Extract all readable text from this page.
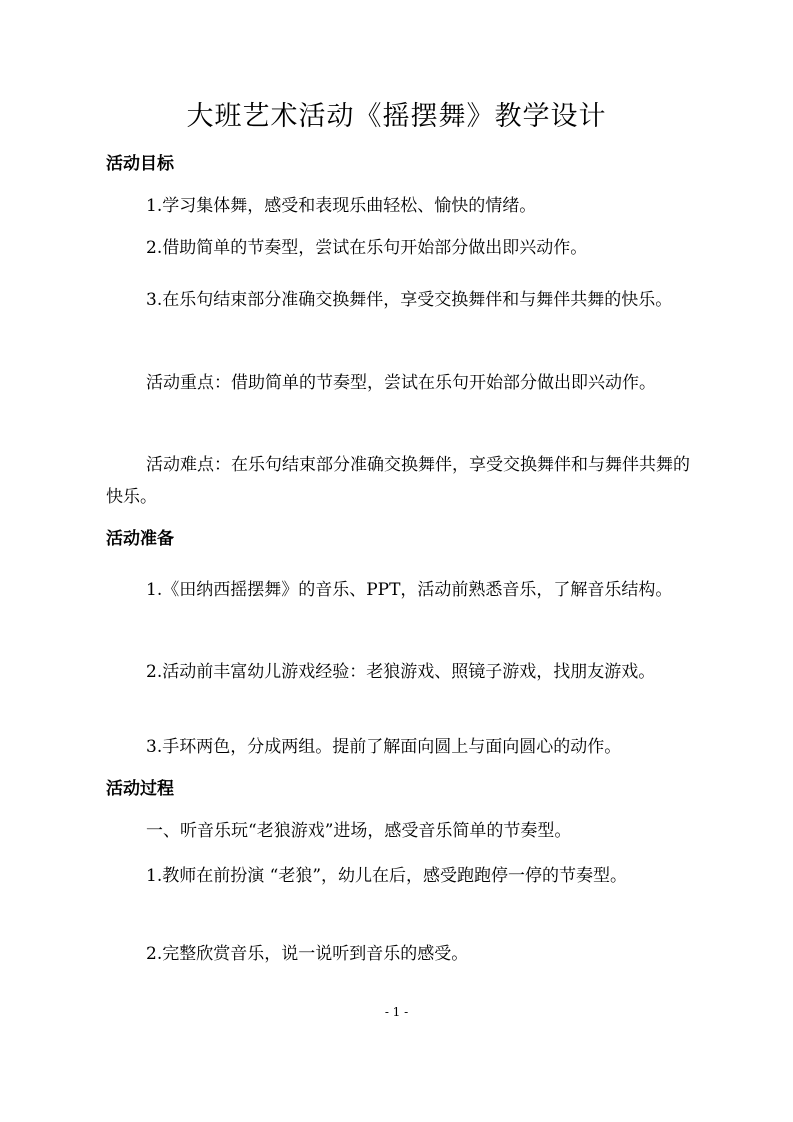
大班艺术活动《摇摆舞》教学设计
活动目标
1.学习集体舞，感受和表现乐曲轻松、愉快的情绪。
2.借助简单的节奏型，尝试在乐句开始部分做出即兴动作。
3.在乐句结束部分准确交换舞伴，享受交换舞伴和与舞伴共舞的快乐。
活动重点：借助简单的节奏型，尝试在乐句开始部分做出即兴动作。
活动难点：在乐句结束部分准确交换舞伴，享受交换舞伴和与舞伴共舞的快乐。
活动准备
1.《田纳西摇摆舞》的音乐、PPT，活动前熟悉音乐，了解音乐结构。
2.活动前丰富幼儿游戏经验：老狼游戏、照镜子游戏，找朋友游戏。
3.手环两色，分成两组。提前了解面向圆上与面向圆心的动作。
活动过程
一、听音乐玩“老狼游戏”进场，感受音乐简单的节奏型。
1.教师在前扮演 “老狼”，幼儿在后，感受跑跑停一停的节奏型。
2.完整欣赏音乐，说一说听到音乐的感受。
- 1 -
